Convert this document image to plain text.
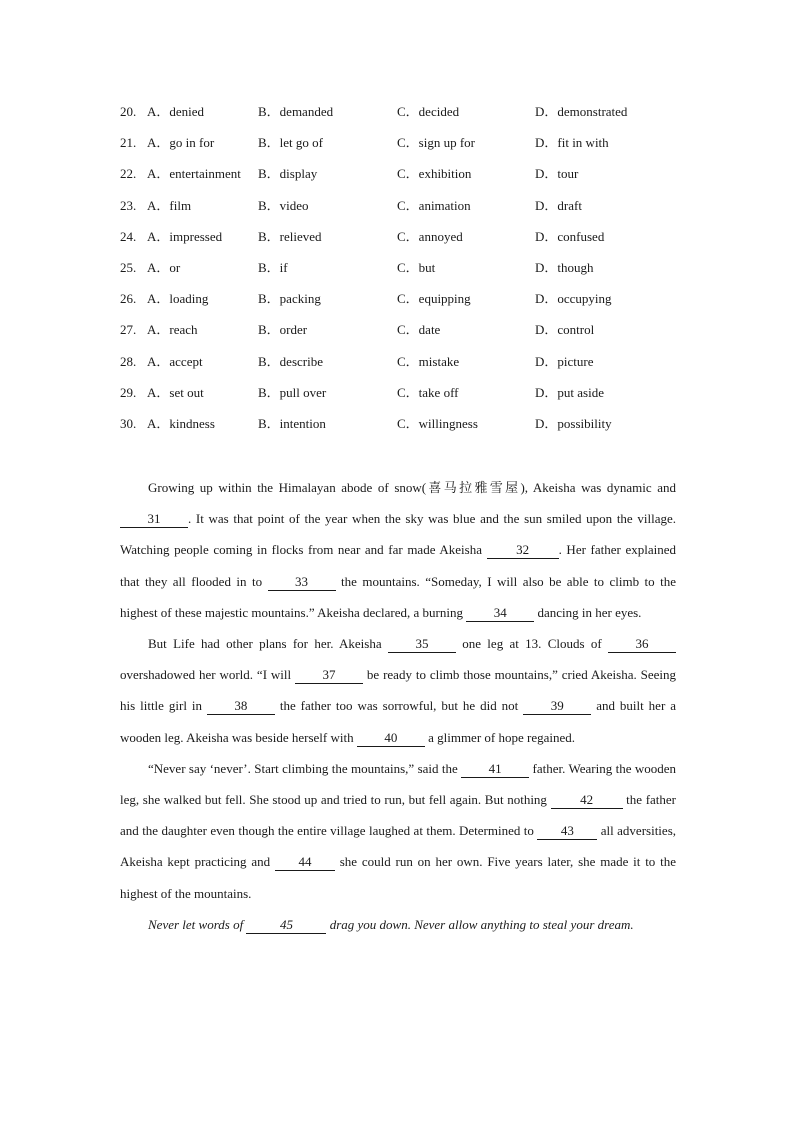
20. A．denied	B．demanded	C．decided	D．demonstrated
21. A．go in for	B．let go of	C．sign up for	D．fit in with
22. A．entertainment B．display	C．exhibition	D．tour
23. A．film	B．video	C．animation	D．draft
24. A．impressed	B．relieved	C．annoyed	D．confused
25. A．or	B．if	C．but	D．though
26. A．loading	B．packing	C．equipping	D．occupying
27. A．reach	B．order	C．date	D．control
28. A．accept	B．describe	C．mistake	D．picture
29. A．set out	B．pull over	C．take off	D．put aside
30. A．kindness	B．intention	C．willingness	D．possibility

Growing up within the Himalayan abode of snow(喜马拉雅雪屋), Akeisha was dynamic and 31 . It was that point of the year when the sky was blue and the sun smiled upon the village. Watching people coming in flocks from near and far made Akeisha 32 . Her father explained that they all flooded in to 33 the mountains. “Someday, I will also be able to climb to the highest of these majestic mountains.” Akeisha declared, a burning 34 dancing in her eyes.

But Life had other plans for her. Akeisha 35 one leg at 13. Clouds of 36 overshadowed her world. “I will 37 be ready to climb those mountains,” cried Akeisha. Seeing his little girl in 38 the father too was sorrowful, but he did not 39 and built her a wooden leg. Akeisha was beside herself with 40 a glimmer of hope regained.

“Never say ‘never’. Start climbing the mountains,” said the 41 father. Wearing the wooden leg, she walked but fell. She stood up and tried to run, but fell again. But nothing 42 the father and the daughter even though the entire village laughed at them. Determined to 43 all adversities, Akeisha kept practicing and 44 she could run on her own. Five years later, she made it to the highest of the mountains.

Never let words of	45	drag you down. Never allow anything to steal your dream.
